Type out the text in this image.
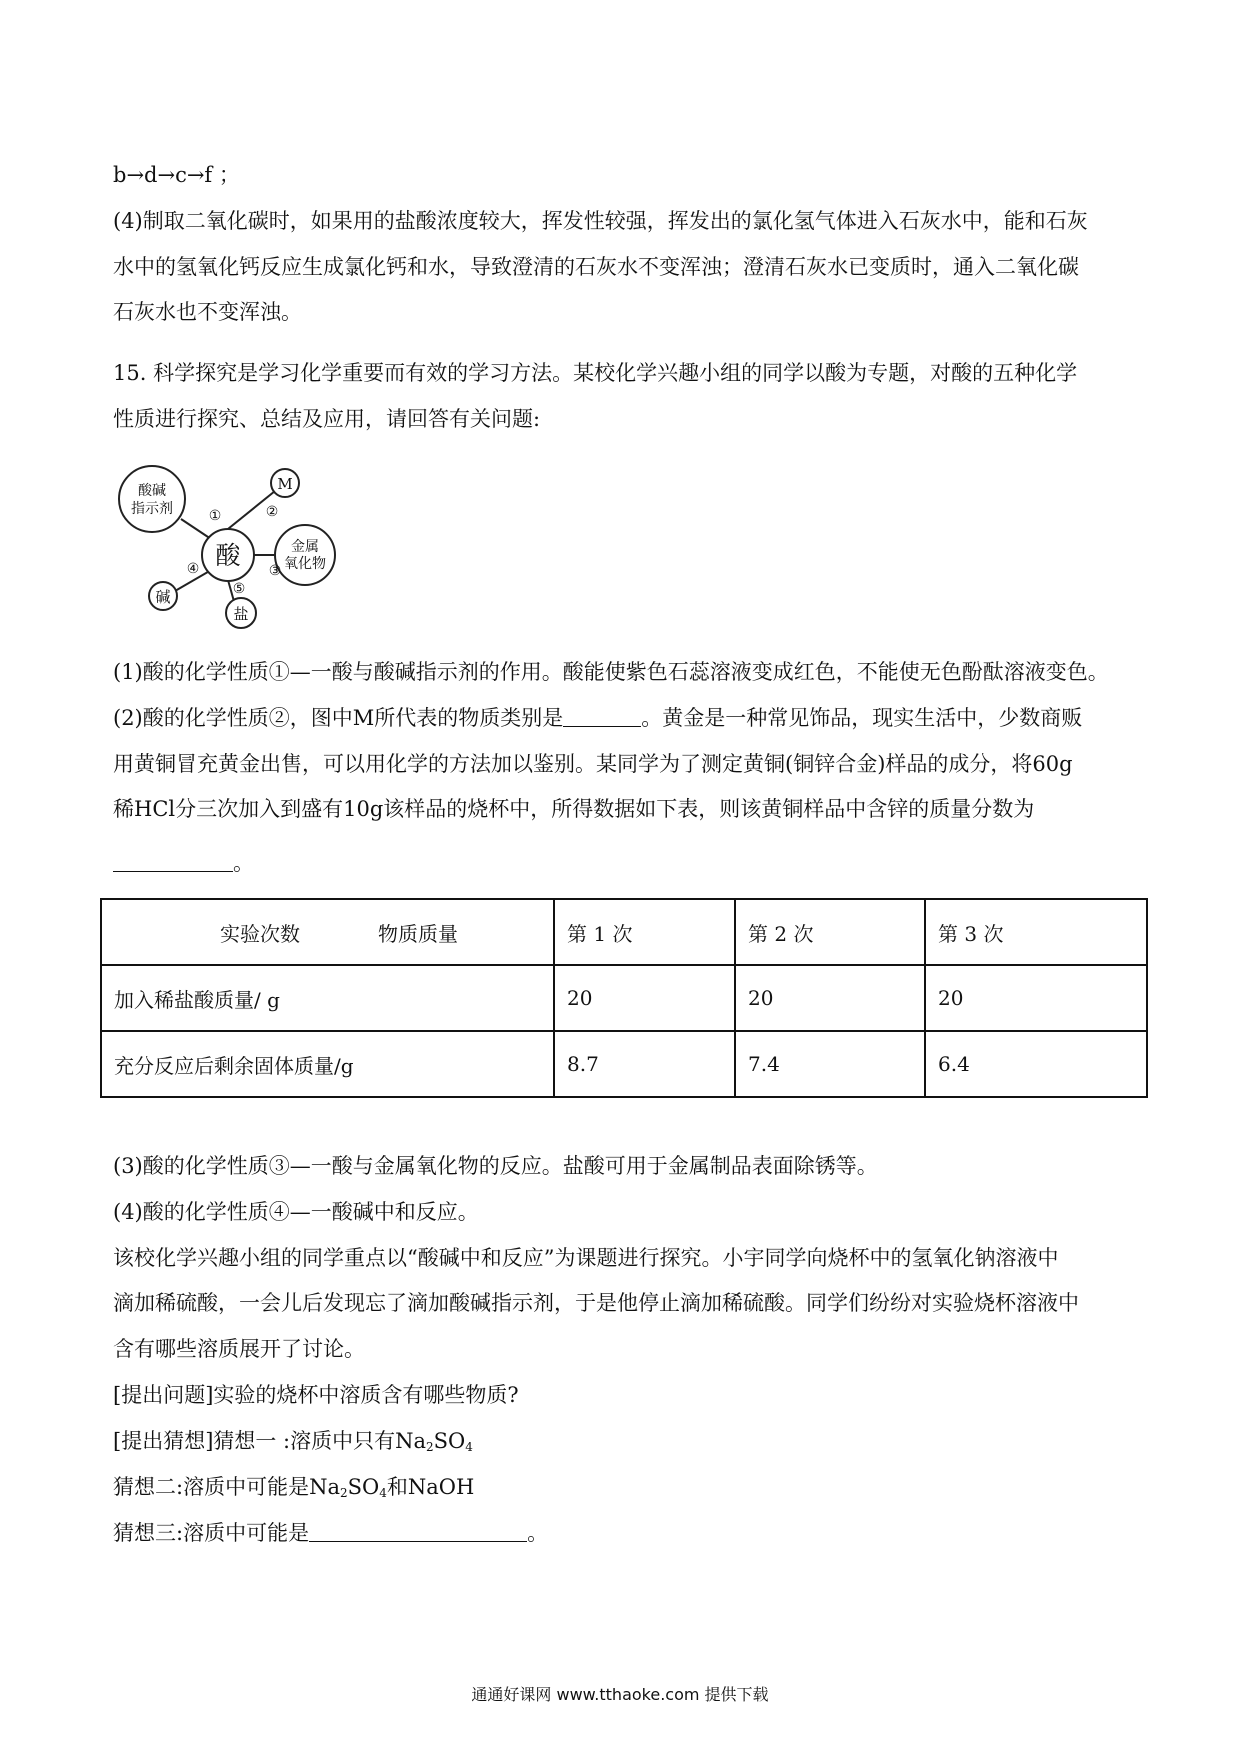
b→d→c→f ；
(4)制取二氧化碳时，如果用的盐酸浓度较大，挥发性较强，挥发出的氯化氢气体进入石灰水中，能和石灰
水中的氢氧化钙反应生成氯化钙和水，导致澄清的石灰水不变浑浊；澄清石灰水已变质时，通入二氧化碳
石灰水也不变浑浊。
15. 科学探究是学习化学重要而有效的学习方法。某校化学兴趣小组的同学以酸为专题，对酸的五种化学
性质进行探究、总结及应用，请回答有关问题:
酸碱
指示剂
酸
M
金属
氧化物
碱
盐
①	②
③
④
⑤
(1)酸的化学性质①—一酸与酸碱指示剂的作用。酸能使紫色石蕊溶液变成红色，不能使无色酚酞溶液变色。
(2)酸的化学性质②，图中M所代表的物质类别是	。黄金是一种常见饰品，现实生活中，少数商贩
用黄铜冒充黄金出售，可以用化学的方法加以鉴别。某同学为了测定黄铜(铜锌合金)样品的成分，将60g
稀HCl分三次加入到盛有10g该样品的烧杯中，所得数据如下表，则该黄铜样品中含锌的质量分数为
。
实验次数 物质质量	第 1 次	第 2 次	第 3 次
加入稀盐酸质量/ g	20	20	20
充分反应后剩余固体质量/g	8.7	7.4	6.4
(3)酸的化学性质③—一酸与金属氧化物的反应。盐酸可用于金属制品表面除锈等。
(4)酸的化学性质④—一酸碱中和反应。
该校化学兴趣小组的同学重点以“酸碱中和反应”为课题进行探究。小宇同学向烧杯中的氢氧化钠溶液中
滴加稀硫酸，一会儿后发现忘了滴加酸碱指示剂，于是他停止滴加稀硫酸。同学们纷纷对实验烧杯溶液中
含有哪些溶质展开了讨论。
[提出问题]实验的烧杯中溶质含有哪些物质?
[提出猜想]猜想一 :溶质中只有$Na_2SO_4$
猜想二:溶质中可能是$Na_2SO_4$和NaOH
猜想三:溶质中可能是	。
通通好课网 www.tthaoke.com 提供下载
